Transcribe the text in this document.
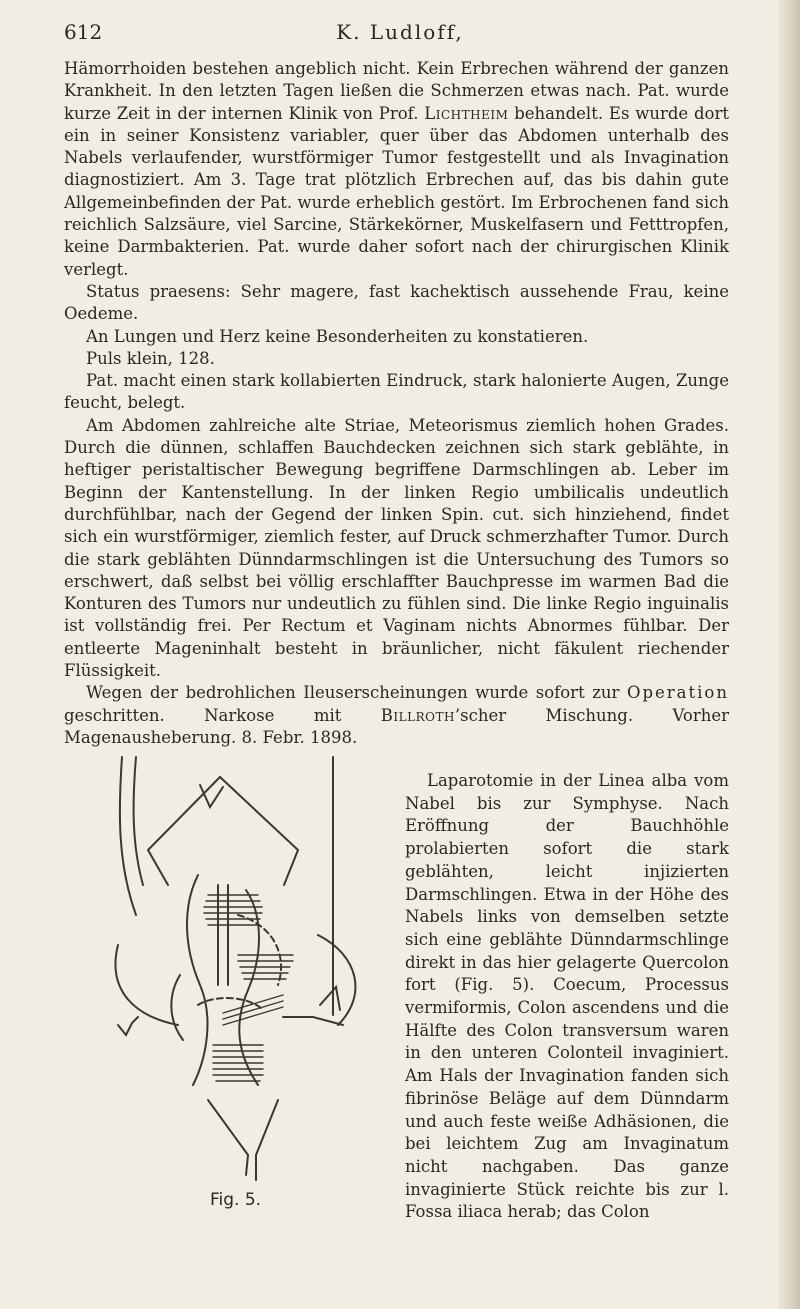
612	K. Ludloff,

Hämorrhoiden bestehen angeblich nicht. Kein Erbrechen während der ganzen Krankheit. In den letzten Tagen ließen die Schmerzen etwas nach. Pat. wurde kurze Zeit in der internen Klinik von Prof. Lichtheim behandelt. Es wurde dort ein in seiner Konsistenz variabler, quer über das Abdomen unterhalb des Nabels verlaufender, wurstförmiger Tumor festgestellt und als Invagination diagnostiziert. Am 3. Tage trat plötzlich Erbrechen auf, das bis dahin gute Allgemeinbefinden der Pat. wurde erheblich gestört. Im Erbrochenen fand sich reichlich Salzsäure, viel Sarcine, Stärkekörner, Muskelfasern und Fetttropfen, keine Darmbakterien. Pat. wurde daher sofort nach der chirurgischen Klinik verlegt.

Status praesens: Sehr magere, fast kachektisch aussehende Frau, keine Oedeme.

An Lungen und Herz keine Besonderheiten zu konstatieren.

Puls klein, 128.

Pat. macht einen stark kollabierten Eindruck, stark halonierte Augen, Zunge feucht, belegt.

Am Abdomen zahlreiche alte Striae, Meteorismus ziemlich hohen Grades. Durch die dünnen, schlaffen Bauchdecken zeichnen sich stark geblähte, in heftiger peristaltischer Bewegung begriffene Darmschlingen ab. Leber im Beginn der Kantenstellung. In der linken Regio umbilicalis undeutlich durchfühlbar, nach der Gegend der linken Spin. cut. sich hinziehend, findet sich ein wurstförmiger, ziemlich fester, auf Druck schmerzhafter Tumor. Durch die stark geblähten Dünndarmschlingen ist die Untersuchung des Tumors so erschwert, daß selbst bei völlig erschlaffter Bauchpresse im warmen Bad die Konturen des Tumors nur undeutlich zu fühlen sind. Die linke Regio inguinalis ist vollständig frei. Per Rectum et Vaginam nichts Abnormes fühlbar. Der entleerte Mageninhalt besteht in bräunlicher, nicht fäkulent riechender Flüssigkeit.

Wegen der bedrohlichen Ileuserscheinungen wurde sofort zur Operation geschritten. Narkose mit Billroth’scher Mischung. Vorher Magenausheberung. 8. Febr. 1898.

Fig. 5.

Laparotomie in der Linea alba vom Nabel bis zur Symphyse. Nach Eröffnung der Bauchhöhle prolabierten sofort die stark geblähten, leicht injizierten Darmschlingen. Etwa in der Höhe des Nabels links von demselben setzte sich eine geblähte Dünndarmschlinge direkt in das hier gelagerte Quercolon fort (Fig. 5). Coecum, Processus vermiformis, Colon ascendens und die Hälfte des Colon transversum waren in den unteren Colonteil invaginiert. Am Hals der Invagination fanden sich fibrinöse Beläge auf dem Dünndarm und auch feste weiße Adhäsionen, die bei leichtem Zug am Invaginatum nicht nachgaben. Das ganze invaginierte Stück reichte bis zur l. Fossa iliaca herab; das Colon
